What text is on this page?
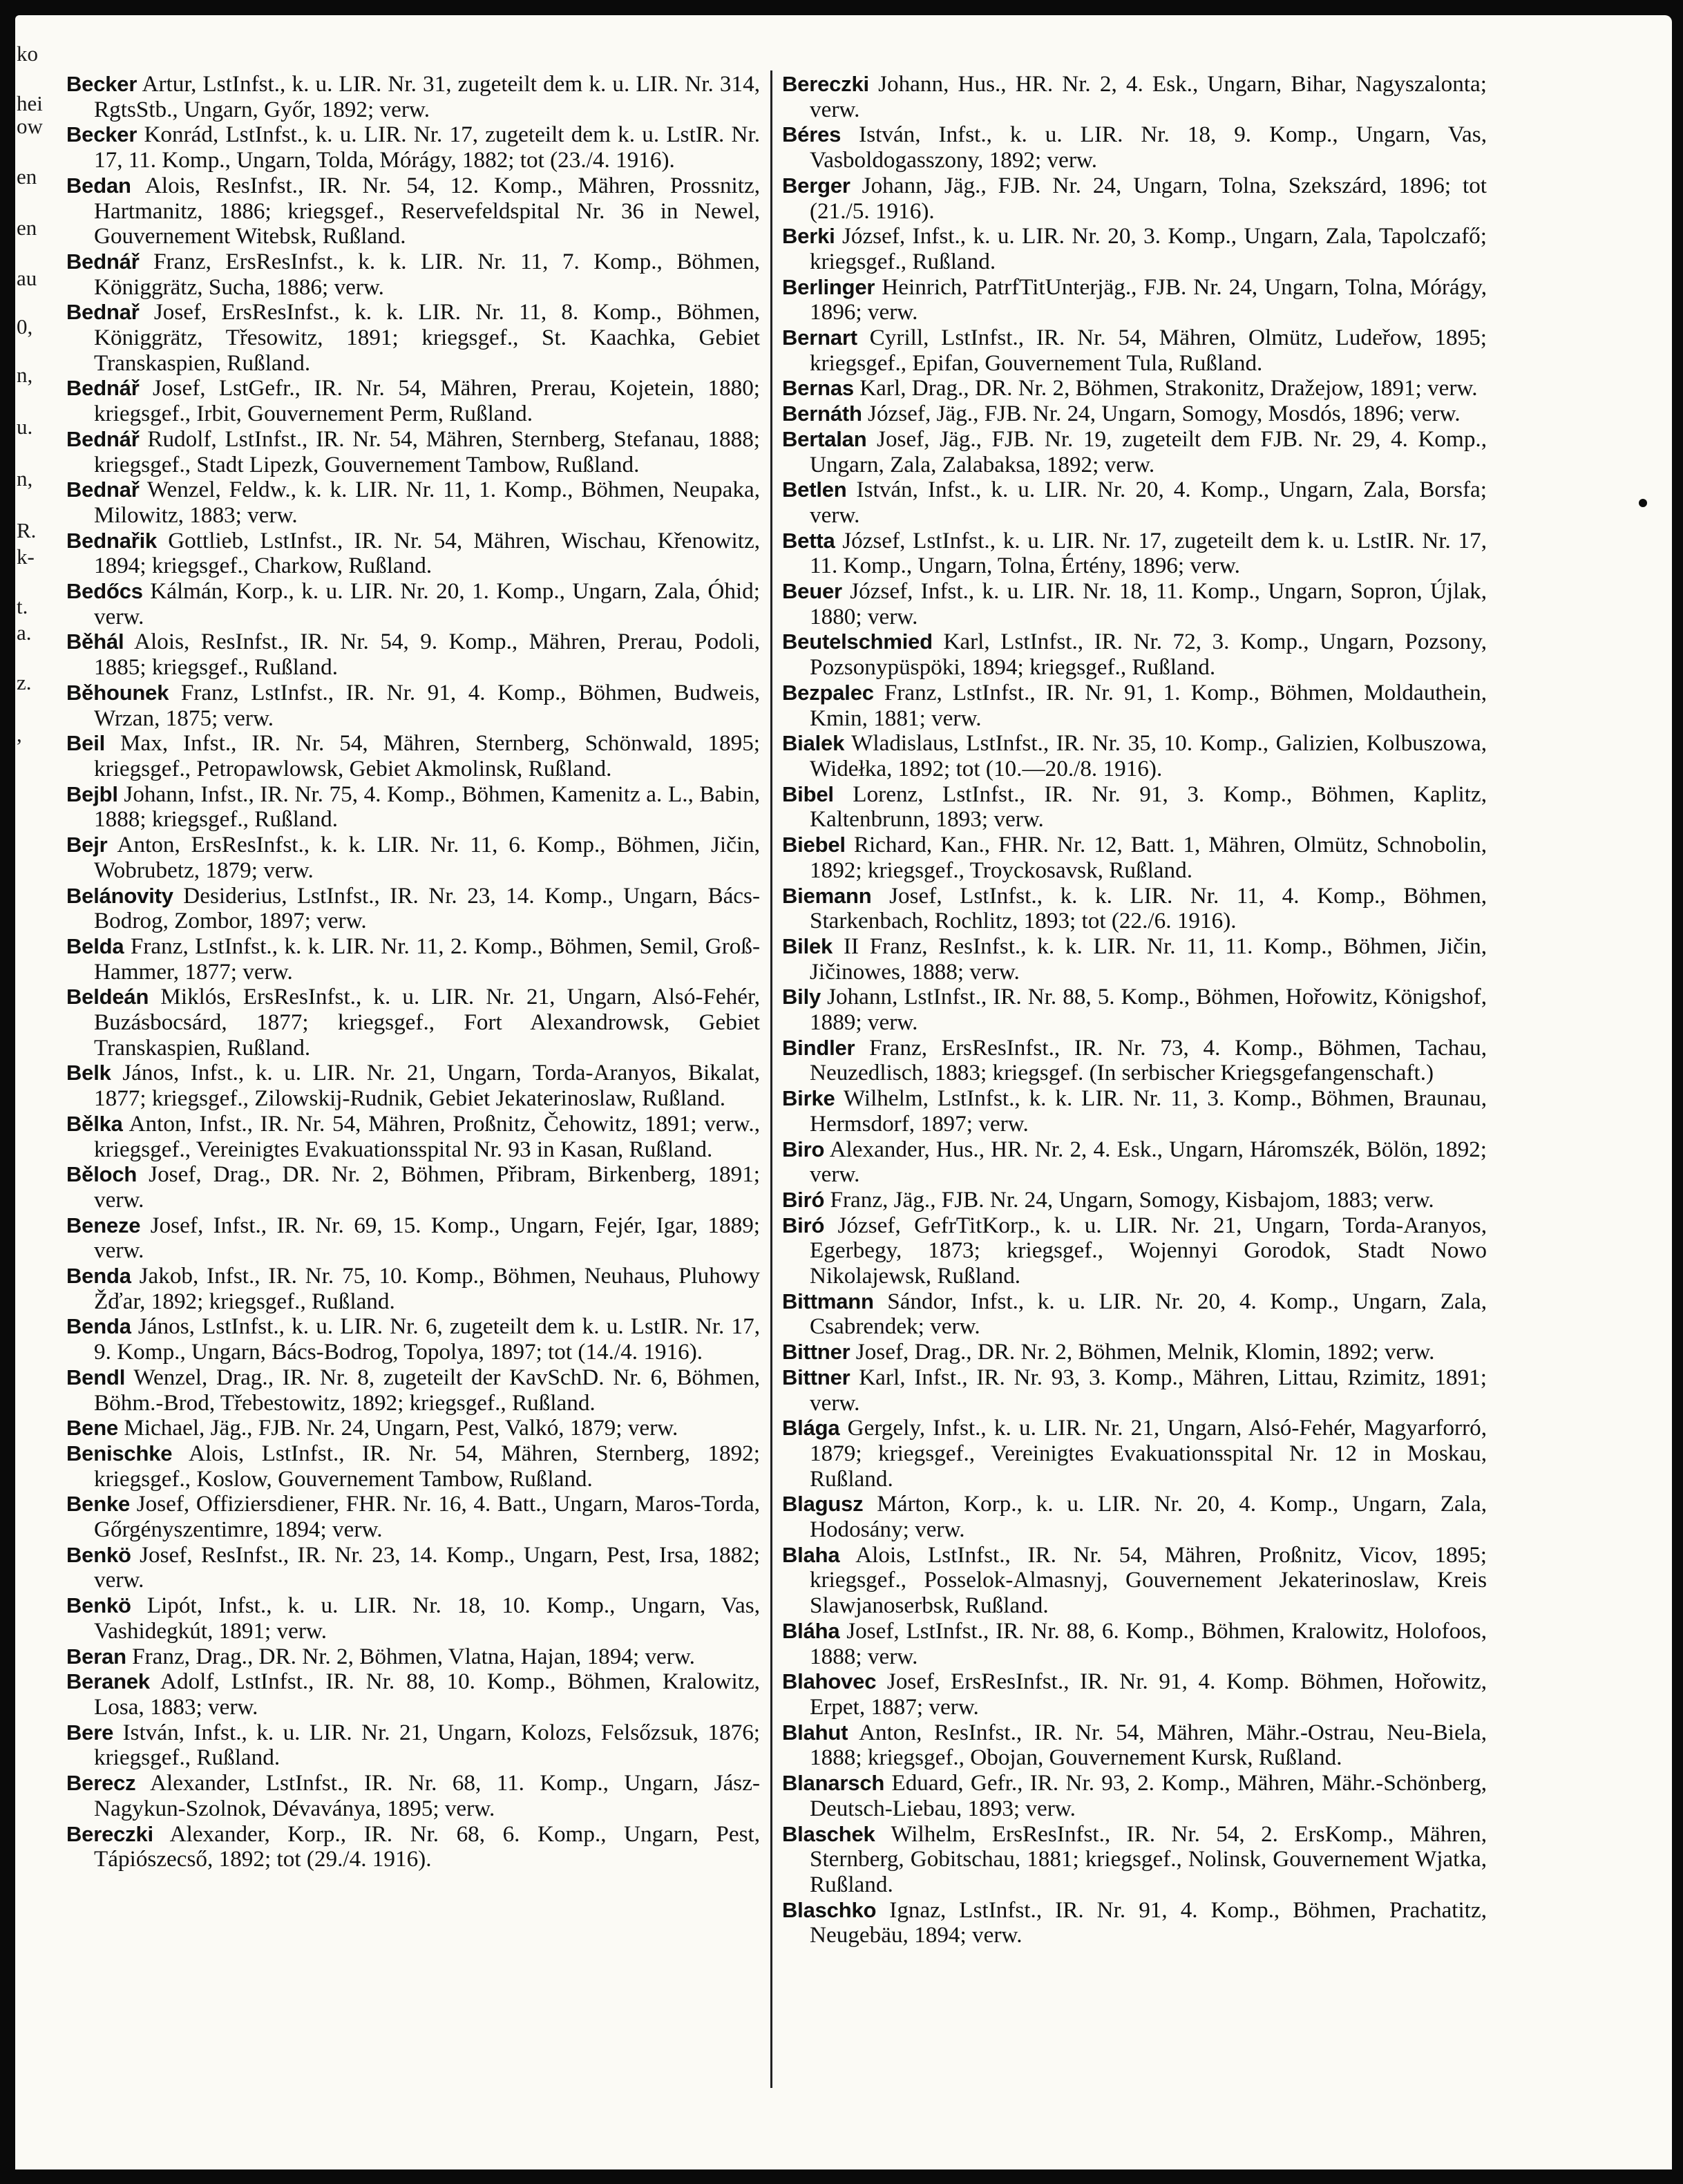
ko
hei
ow
en
en
au
0,
n,
u.
n,
R.
k-
t.
a.
z.
,

Becker Artur, LstInfst., k. u. LIR. Nr. 31, zugeteilt dem k. u. LIR. Nr. 314, RgtsStb., Ungarn, Győr, 1892; verw.

Becker Konrád, LstInfst., k. u. LIR. Nr. 17, zugeteilt dem k. u. LstIR. Nr. 17, 11. Komp., Ungarn, Tolda, Mórágy, 1882; tot (23./4. 1916).

Bedan Alois, ResInfst., IR. Nr. 54, 12. Komp., Mähren, Prossnitz, Hartmanitz, 1886; kriegsgef., Reservefeldspital Nr. 36 in Newel, Gouvernement Witebsk, Rußland.

Bednář Franz, ErsResInfst., k. k. LIR. Nr. 11, 7. Komp., Böhmen, Königgrätz, Sucha, 1886; verw.

Bednař Josef, ErsResInfst., k. k. LIR. Nr. 11, 8. Komp., Böhmen, Königgrätz, Třesowitz, 1891; kriegsgef., St. Kaachka, Gebiet Transkaspien, Rußland.

Bednář Josef, LstGefr., IR. Nr. 54, Mähren, Prerau, Kojetein, 1880; kriegsgef., Irbit, Gouvernement Perm, Rußland.

Bednář Rudolf, LstInfst., IR. Nr. 54, Mähren, Sternberg, Stefanau, 1888; kriegsgef., Stadt Lipezk, Gouvernement Tambow, Rußland.

Bednař Wenzel, Feldw., k. k. LIR. Nr. 11, 1. Komp., Böhmen, Neupaka, Milowitz, 1883; verw.

Bednařik Gottlieb, LstInfst., IR. Nr. 54, Mähren, Wischau, Křenowitz, 1894; kriegsgef., Charkow, Rußland.

Bedőcs Kálmán, Korp., k. u. LIR. Nr. 20, 1. Komp., Ungarn, Zala, Óhid; verw.

Běhál Alois, ResInfst., IR. Nr. 54, 9. Komp., Mähren, Prerau, Podoli, 1885; kriegsgef., Rußland.

Běhounek Franz, LstInfst., IR. Nr. 91, 4. Komp., Böhmen, Budweis, Wrzan, 1875; verw.

Beil Max, Infst., IR. Nr. 54, Mähren, Sternberg, Schönwald, 1895; kriegsgef., Petropawlowsk, Gebiet Akmolinsk, Rußland.

Bejbl Johann, Infst., IR. Nr. 75, 4. Komp., Böhmen, Kamenitz a. L., Babin, 1888; kriegsgef., Rußland.

Bejr Anton, ErsResInfst., k. k. LIR. Nr. 11, 6. Komp., Böhmen, Jičin, Wobrubetz, 1879; verw.

Belánovity Desiderius, LstInfst., IR. Nr. 23, 14. Komp., Ungarn, Bács-Bodrog, Zombor, 1897; verw.

Belda Franz, LstInfst., k. k. LIR. Nr. 11, 2. Komp., Böhmen, Semil, Groß-Hammer, 1877; verw.

Beldeán Miklós, ErsResInfst., k. u. LIR. Nr. 21, Ungarn, Alsó-Fehér, Buzásbocsárd, 1877; kriegsgef., Fort Alexandrowsk, Gebiet Transkaspien, Rußland.

Belk János, Infst., k. u. LIR. Nr. 21, Ungarn, Torda-Aranyos, Bikalat, 1877; kriegsgef., Zilowskij-Rudnik, Gebiet Jekaterinoslaw, Rußland.

Bělka Anton, Infst., IR. Nr. 54, Mähren, Proßnitz, Čehowitz, 1891; verw., kriegsgef., Vereinigtes Evakuationsspital Nr. 93 in Kasan, Rußland.

Běloch Josef, Drag., DR. Nr. 2, Böhmen, Přibram, Birkenberg, 1891; verw.

Beneze Josef, Infst., IR. Nr. 69, 15. Komp., Ungarn, Fejér, Igar, 1889; verw.

Benda Jakob, Infst., IR. Nr. 75, 10. Komp., Böhmen, Neuhaus, Pluhowy Žďar, 1892; kriegsgef., Rußland.

Benda János, LstInfst., k. u. LIR. Nr. 6, zugeteilt dem k. u. LstIR. Nr. 17, 9. Komp., Ungarn, Bács-Bodrog, Topolya, 1897; tot (14./4. 1916).

Bendl Wenzel, Drag., IR. Nr. 8, zugeteilt der KavSchD. Nr. 6, Böhmen, Böhm.-Brod, Třebestowitz, 1892; kriegsgef., Rußland.

Bene Michael, Jäg., FJB. Nr. 24, Ungarn, Pest, Valkó, 1879; verw.

Benischke Alois, LstInfst., IR. Nr. 54, Mähren, Sternberg, 1892; kriegsgef., Koslow, Gouvernement Tambow, Rußland.

Benke Josef, Offiziersdiener, FHR. Nr. 16, 4. Batt., Ungarn, Maros-Torda, Gőrgényszentimre, 1894; verw.

Benkö Josef, ResInfst., IR. Nr. 23, 14. Komp., Ungarn, Pest, Irsa, 1882; verw.

Benkö Lipót, Infst., k. u. LIR. Nr. 18, 10. Komp., Ungarn, Vas, Vashidegkút, 1891; verw.

Beran Franz, Drag., DR. Nr. 2, Böhmen, Vlatna, Hajan, 1894; verw.

Beranek Adolf, LstInfst., IR. Nr. 88, 10. Komp., Böhmen, Kralowitz, Losa, 1883; verw.

Bere István, Infst., k. u. LIR. Nr. 21, Ungarn, Kolozs, Felsőzsuk, 1876; kriegsgef., Rußland.

Berecz Alexander, LstInfst., IR. Nr. 68, 11. Komp., Ungarn, Jász-Nagykun-Szolnok, Dévaványa, 1895; verw.

Bereczki Alexander, Korp., IR. Nr. 68, 6. Komp., Ungarn, Pest, Tápiószecső, 1892; tot (29./4. 1916).

Bereczki Johann, Hus., HR. Nr. 2, 4. Esk., Ungarn, Bihar, Nagyszalonta; verw.

Béres István, Infst., k. u. LIR. Nr. 18, 9. Komp., Ungarn, Vas, Vasboldogasszony, 1892; verw.

Berger Johann, Jäg., FJB. Nr. 24, Ungarn, Tolna, Szekszárd, 1896; tot (21./5. 1916).

Berki József, Infst., k. u. LIR. Nr. 20, 3. Komp., Ungarn, Zala, Tapolczafő; kriegsgef., Rußland.

Berlinger Heinrich, PatrfTitUnterjäg., FJB. Nr. 24, Ungarn, Tolna, Mórágy, 1896; verw.

Bernart Cyrill, LstInfst., IR. Nr. 54, Mähren, Olmütz, Ludeřow, 1895; kriegsgef., Epifan, Gouvernement Tula, Rußland.

Bernas Karl, Drag., DR. Nr. 2, Böhmen, Strakonitz, Dražejow, 1891; verw.

Bernáth József, Jäg., FJB. Nr. 24, Ungarn, Somogy, Mosdós, 1896; verw.

Bertalan Josef, Jäg., FJB. Nr. 19, zugeteilt dem FJB. Nr. 29, 4. Komp., Ungarn, Zala, Zalabaksa, 1892; verw.

Betlen István, Infst., k. u. LIR. Nr. 20, 4. Komp., Ungarn, Zala, Borsfa; verw.

Betta József, LstInfst., k. u. LIR. Nr. 17, zugeteilt dem k. u. LstIR. Nr. 17, 11. Komp., Ungarn, Tolna, Értény, 1896; verw.

Beuer József, Infst., k. u. LIR. Nr. 18, 11. Komp., Ungarn, Sopron, Újlak, 1880; verw.

Beutelschmied Karl, LstInfst., IR. Nr. 72, 3. Komp., Ungarn, Pozsony, Pozsonypüspöki, 1894; kriegsgef., Rußland.

Bezpalec Franz, LstInfst., IR. Nr. 91, 1. Komp., Böhmen, Moldauthein, Kmin, 1881; verw.

Bialek Wladislaus, LstInfst., IR. Nr. 35, 10. Komp., Galizien, Kolbuszowa, Widełka, 1892; tot (10.—20./8. 1916).

Bibel Lorenz, LstInfst., IR. Nr. 91, 3. Komp., Böhmen, Kaplitz, Kaltenbrunn, 1893; verw.

Biebel Richard, Kan., FHR. Nr. 12, Batt. 1, Mähren, Olmütz, Schnobolin, 1892; kriegsgef., Troyckosavsk, Rußland.

Biemann Josef, LstInfst., k. k. LIR. Nr. 11, 4. Komp., Böhmen, Starkenbach, Rochlitz, 1893; tot (22./6. 1916).

Bilek II Franz, ResInfst., k. k. LIR. Nr. 11, 11. Komp., Böhmen, Jičin, Jičinowes, 1888; verw.

Bily Johann, LstInfst., IR. Nr. 88, 5. Komp., Böhmen, Hořowitz, Königshof, 1889; verw.

Bindler Franz, ErsResInfst., IR. Nr. 73, 4. Komp., Böhmen, Tachau, Neuzedlisch, 1883; kriegsgef. (In serbischer Kriegsgefangenschaft.)

Birke Wilhelm, LstInfst., k. k. LIR. Nr. 11, 3. Komp., Böhmen, Braunau, Hermsdorf, 1897; verw.

Biro Alexander, Hus., HR. Nr. 2, 4. Esk., Ungarn, Háromszék, Bölön, 1892; verw.

Biró Franz, Jäg., FJB. Nr. 24, Ungarn, Somogy, Kisbajom, 1883; verw.

Biró József, GefrTitKorp., k. u. LIR. Nr. 21, Ungarn, Torda-Aranyos, Egerbegy, 1873; kriegsgef., Wojennyi Gorodok, Stadt Nowo Nikolajewsk, Rußland.

Bittmann Sándor, Infst., k. u. LIR. Nr. 20, 4. Komp., Ungarn, Zala, Csabrendek; verw.

Bittner Josef, Drag., DR. Nr. 2, Böhmen, Melnik, Klomin, 1892; verw.

Bittner Karl, Infst., IR. Nr. 93, 3. Komp., Mähren, Littau, Rzimitz, 1891; verw.

Blága Gergely, Infst., k. u. LIR. Nr. 21, Ungarn, Alsó-Fehér, Magyarforró, 1879; kriegsgef., Vereinigtes Evakuationsspital Nr. 12 in Moskau, Rußland.

Blagusz Márton, Korp., k. u. LIR. Nr. 20, 4. Komp., Ungarn, Zala, Hodosány; verw.

Blaha Alois, LstInfst., IR. Nr. 54, Mähren, Proßnitz, Vicov, 1895; kriegsgef., Posselok-Almasnyj, Gouvernement Jekaterinoslaw, Kreis Slawjanoserbsk, Rußland.

Bláha Josef, LstInfst., IR. Nr. 88, 6. Komp., Böhmen, Kralowitz, Holofoos, 1888; verw.

Blahovec Josef, ErsResInfst., IR. Nr. 91, 4. Komp. Böhmen, Hořowitz, Erpet, 1887; verw.

Blahut Anton, ResInfst., IR. Nr. 54, Mähren, Mähr.-Ostrau, Neu-Biela, 1888; kriegsgef., Obojan, Gouvernement Kursk, Rußland.

Blanarsch Eduard, Gefr., IR. Nr. 93, 2. Komp., Mähren, Mähr.-Schönberg, Deutsch-Liebau, 1893; verw.

Blaschek Wilhelm, ErsResInfst., IR. Nr. 54, 2. ErsKomp., Mähren, Sternberg, Gobitschau, 1881; kriegsgef., Nolinsk, Gouvernement Wjatka, Rußland.

Blaschko Ignaz, LstInfst., IR. Nr. 91, 4. Komp., Böhmen, Prachatitz, Neugebäu, 1894; verw.
